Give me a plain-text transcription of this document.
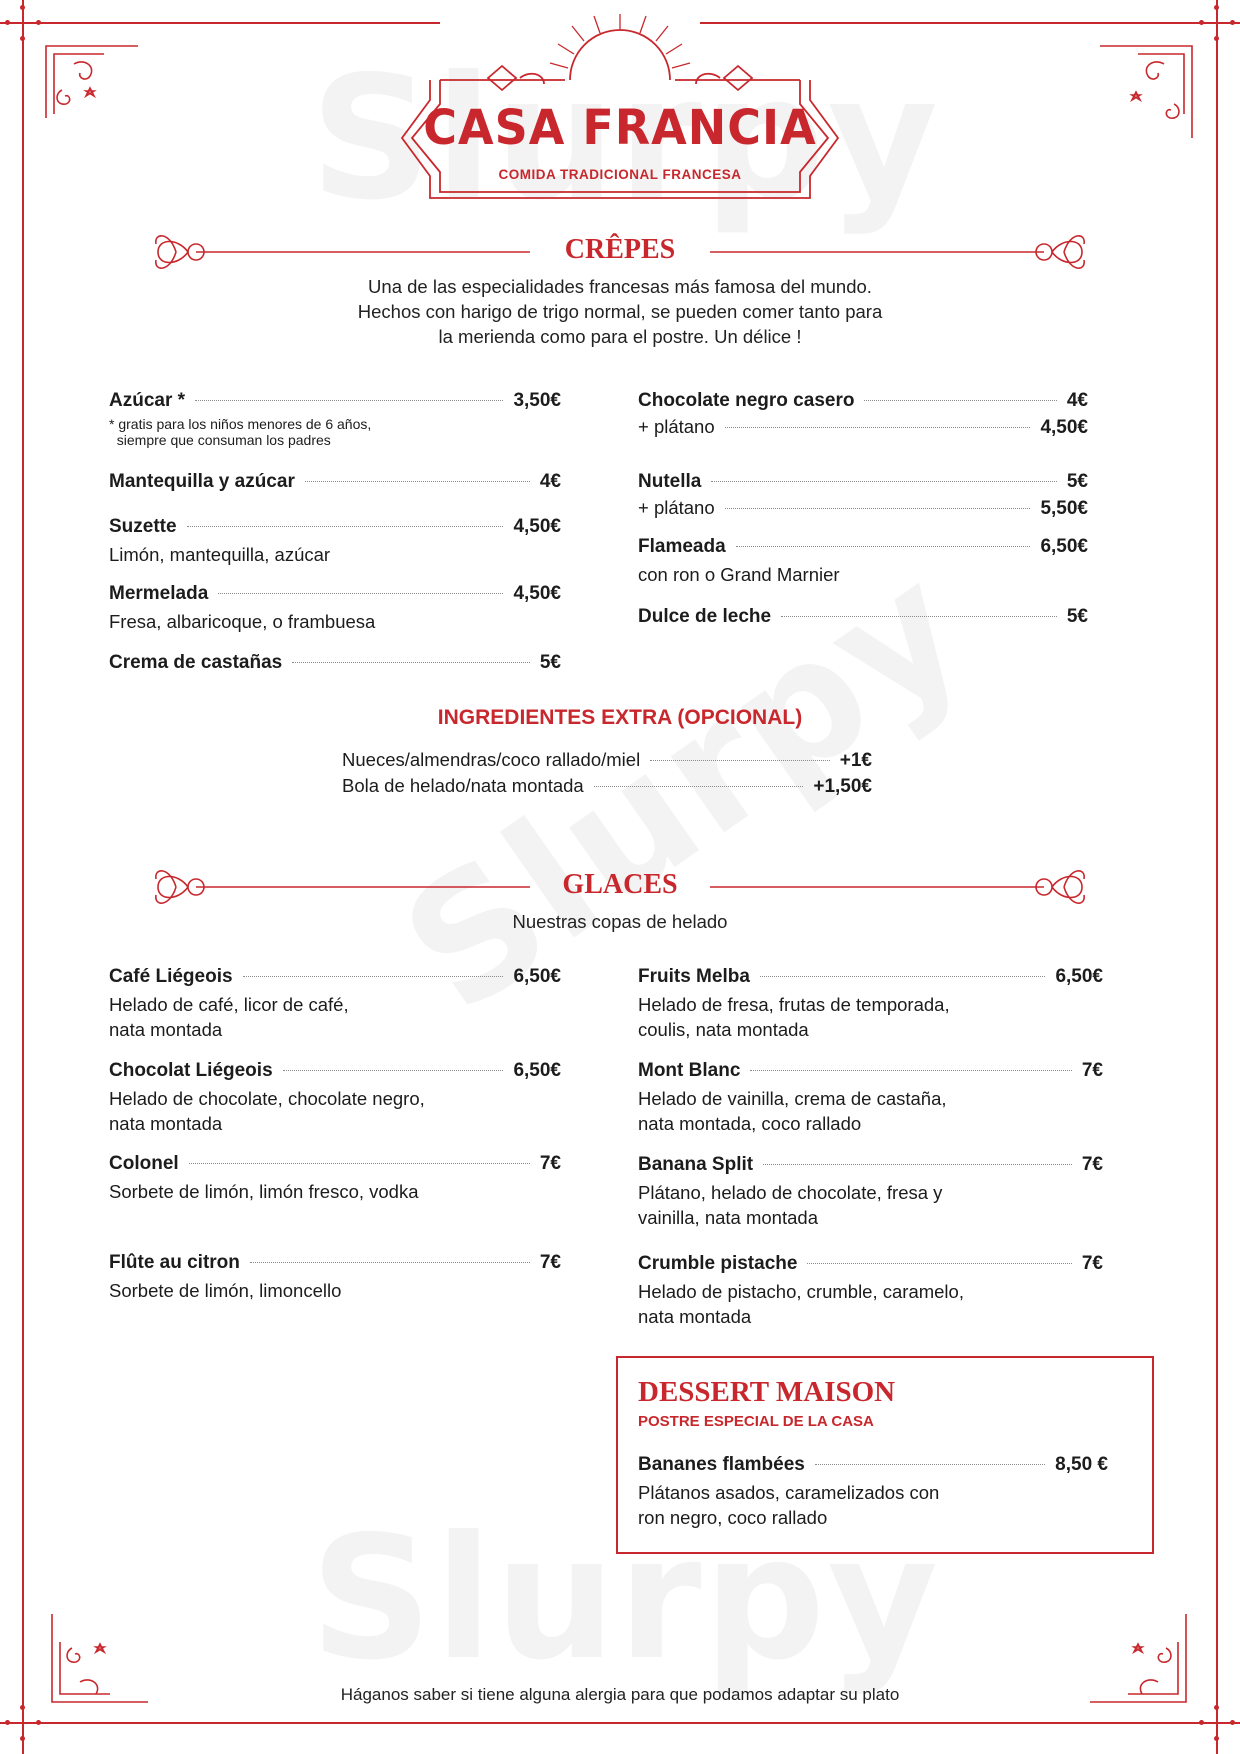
CASA FRANCIA
COMIDA TRADICIONAL FRANCESA
CRÊPES
Una de las especialidades francesas más famosa del mundo.
Hechos con harigo de trigo normal, se pueden comer tanto para
la merienda como para el postre. Un délice !
Azúcar *	3,50€
* gratis para los niños menores de 6 años,
siempre que consuman los padres
Mantequilla y azúcar	4€
Suzette	4,50€
Limón, mantequilla, azúcar
Mermelada	4,50€
Fresa, albaricoque, o frambuesa
Crema de castañas	5€
Chocolate negro casero	4€
+ plátano	4,50€
Nutella	5€
+ plátano	5,50€
Flameada	6,50€
con ron o Grand Marnier
Dulce de leche	5€
INGREDIENTES EXTRA (OPCIONAL)
Nueces/almendras/coco rallado/miel	+1€
Bola de helado/nata montada	+1,50€
GLACES
Nuestras copas de helado
Café Liégeois	6,50€
Helado de café, licor de café,
nata montada
Chocolat Liégeois	6,50€
Helado de chocolate, chocolate negro,
nata montada
Colonel	7€
Sorbete de limón, limón fresco, vodka
Flûte au citron	7€
Sorbete de limón, limoncello
Fruits Melba	6,50€
Helado de fresa, frutas de temporada,
coulis, nata montada
Mont Blanc	7€
Helado de vainilla, crema de castaña,
nata montada, coco rallado
Banana Split	7€
Plátano, helado de chocolate, fresa y
vainilla, nata montada
Crumble pistache	7€
Helado de pistacho, crumble, caramelo,
nata montada
DESSERT MAISON
POSTRE ESPECIAL DE LA CASA
Bananes flambées	8,50 €
Plátanos asados, caramelizados con
ron negro, coco rallado
Háganos saber si tiene alguna alergia para que podamos adaptar su plato
